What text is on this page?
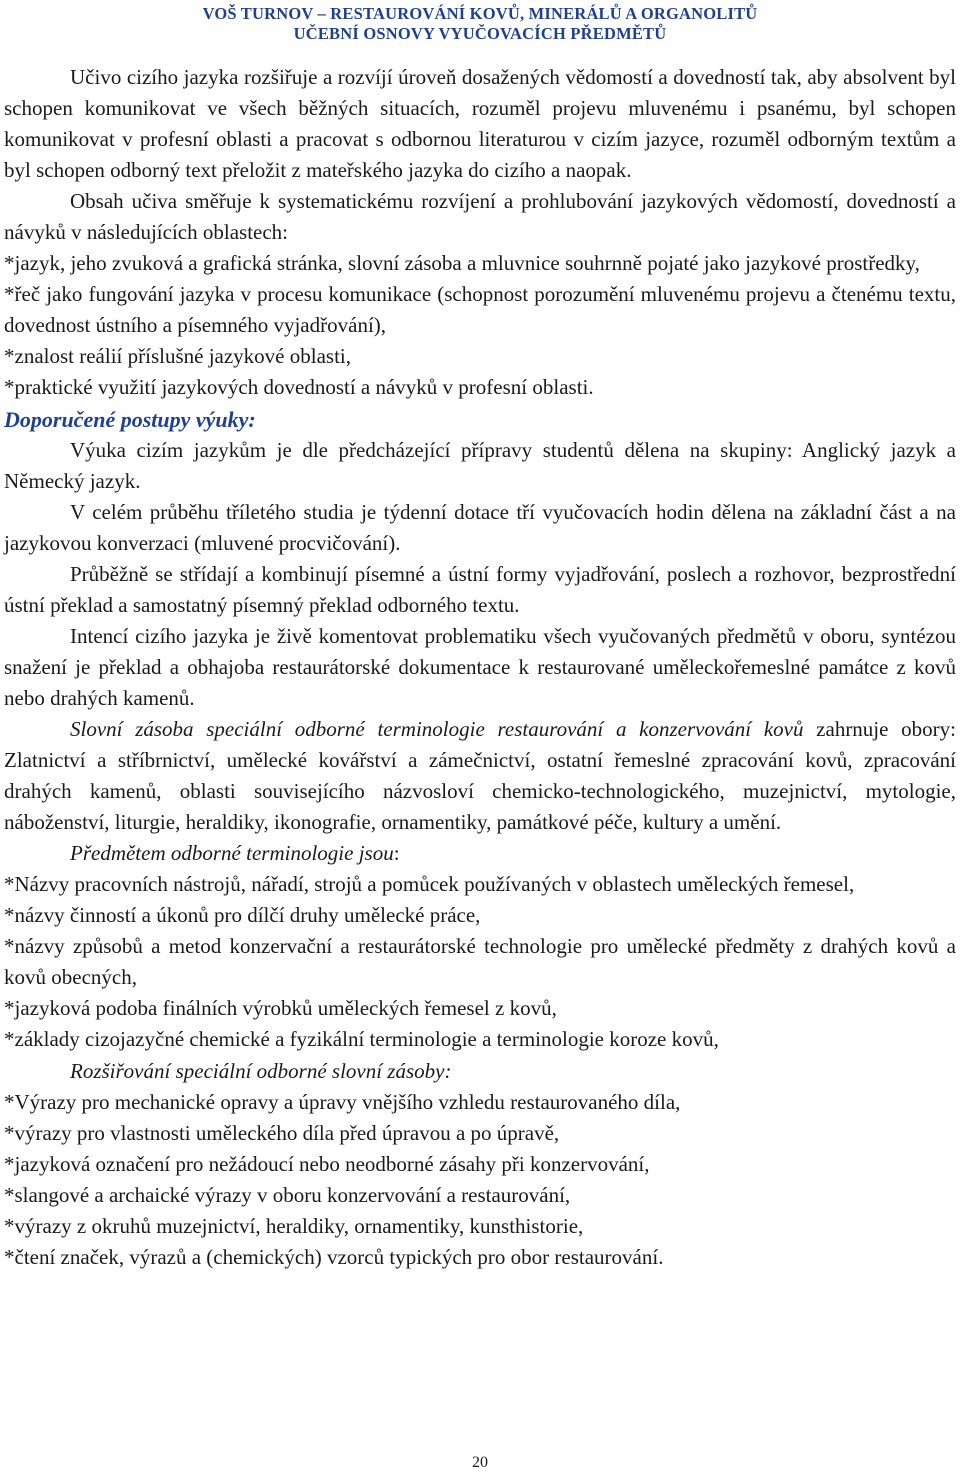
VOŠ TURNOV – RESTAUROVÁNÍ KOVŮ, MINERÁLŮ A ORGANOLITŮ
UČEBNÍ OSNOVY VYUČOVACÍCH PŘEDMĚTŮ

Učivo cizího jazyka rozšiřuje a rozvíjí úroveň dosažených vědomostí a dovedností tak, aby absolvent byl schopen komunikovat ve všech běžných situacích, rozuměl projevu mluvenému i psanému, byl schopen komunikovat v profesní oblasti a pracovat s odbornou literaturou v cizím jazyce, rozuměl odborným textům a byl schopen odborný text přeložit z mateřského jazyka do cizího a naopak.

Obsah učiva směřuje k systematickému rozvíjení a prohlubování jazykových vědomostí, dovedností a návyků v následujících oblastech:

*jazyk, jeho zvuková a grafická stránka, slovní zásoba a mluvnice souhrnně pojaté jako jazykové prostředky,

*řeč jako fungování jazyka v procesu komunikace (schopnost porozumění mluvenému projevu a čtenému textu, dovednost ústního a písemného vyjadřování),

*znalost reálií příslušné jazykové oblasti,

*praktické využití jazykových dovedností a návyků v profesní oblasti.

Doporučené postupy výuky:

Výuka cizím jazykům je dle předcházející přípravy studentů dělena na skupiny: Anglický jazyk a Německý jazyk.

V celém průběhu tříletého studia je týdenní dotace tří vyučovacích hodin dělena na základní část a na jazykovou konverzaci (mluvené procvičování).

Průběžně se střídají a kombinují písemné a ústní formy vyjadřování, poslech a rozhovor, bezprostřední ústní překlad a samostatný písemný překlad odborného textu.

Intencí cizího jazyka je živě komentovat problematiku všech vyučovaných předmětů v oboru, syntézou snažení je překlad a obhajoba restaurátorské dokumentace k restaurované uměleckořemeslné památce z kovů nebo drahých kamenů.

Slovní zásoba speciální odborné terminologie restaurování a konzervování kovů zahrnuje obory: Zlatnictví a stříbrnictví, umělecké kovářství a zámečnictví, ostatní řemeslné zpracování kovů, zpracování drahých kamenů, oblasti souvisejícího názvosloví chemicko-technologického, muzejnictví, mytologie, náboženství, liturgie, heraldiky, ikonografie, ornamentiky, památkové péče, kultury a umění.

Předmětem odborné terminologie jsou:

*Názvy pracovních nástrojů, nářadí, strojů a pomůcek používaných v oblastech uměleckých řemesel,

*názvy činností a úkonů pro dílčí druhy umělecké práce,

*názvy způsobů a metod konzervační a restaurátorské technologie pro umělecké předměty z drahých kovů a kovů obecných,

*jazyková podoba finálních výrobků uměleckých řemesel z kovů,

*základy cizojazyčné chemické a fyzikální terminologie a terminologie koroze kovů,

Rozšiřování speciální odborné slovní zásoby:

*Výrazy pro mechanické opravy a úpravy vnějšího vzhledu restaurovaného díla,

*výrazy pro vlastnosti uměleckého díla před úpravou a po úpravě,

*jazyková označení pro nežádoucí nebo neodborné zásahy při konzervování,

*slangové a archaické výrazy v oboru konzervování a restaurování,

*výrazy z okruhů muzejnictví, heraldiky, ornamentiky, kunsthistorie,

*čtení značek, výrazů a (chemických) vzorců typických pro obor restaurování.

20
